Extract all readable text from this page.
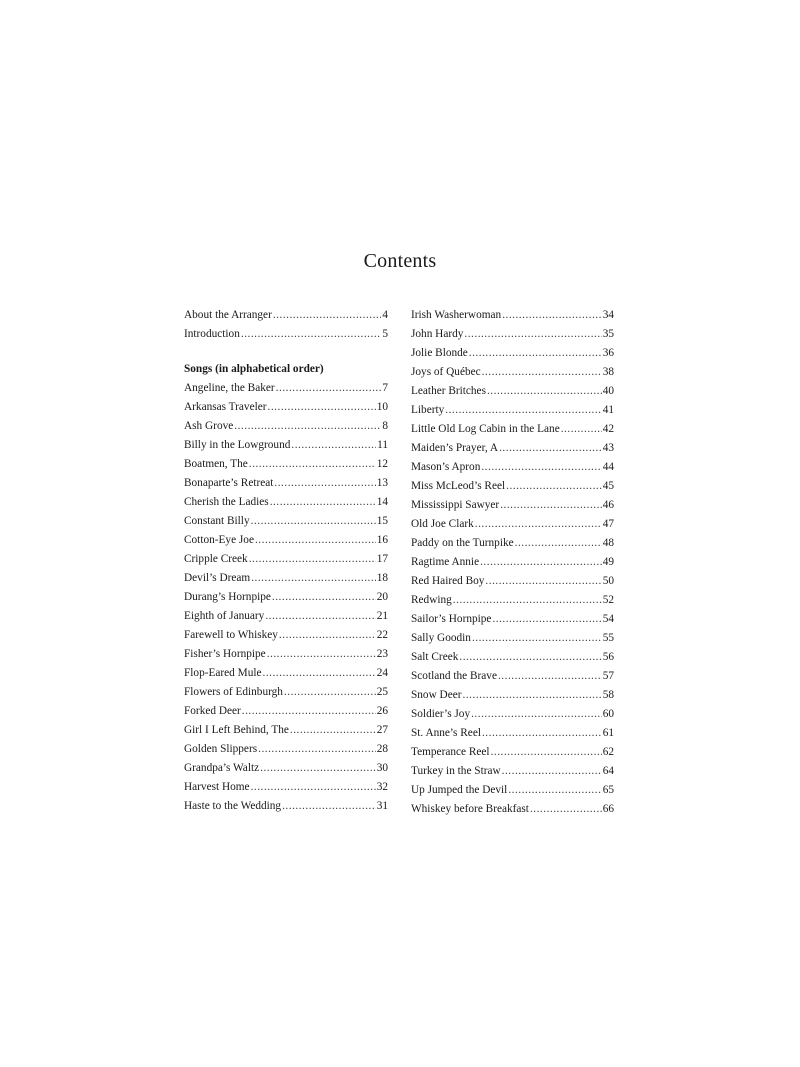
Contents
About the Arranger .....	4
Introduction .....	5
Songs (in alphabetical order)
Angeline, the Baker .....	7
Arkansas Traveler .....	10
Ash Grove .....	8
Billy in the Lowground .....	11
Boatmen, The .....	12
Bonaparte’s Retreat .....	13
Cherish the Ladies .....	14
Constant Billy .....	15
Cotton-Eye Joe .....	16
Cripple Creek .....	17
Devil’s Dream .....	18
Durang’s Hornpipe .....	20
Eighth of January .....	21
Farewell to Whiskey .....	22
Fisher’s Hornpipe .....	23
Flop-Eared Mule .....	24
Flowers of Edinburgh .....	25
Forked Deer .....	26
Girl I Left Behind, The .....	27
Golden Slippers .....	28
Grandpa’s Waltz .....	30
Harvest Home .....	32
Haste to the Wedding .....	31
Irish Washerwoman .....	34
John Hardy .....	35
Jolie Blonde .....	36
Joys of Québec .....	38
Leather Britches .....	40
Liberty .....	41
Little Old Log Cabin in the Lane .....	42
Maiden’s Prayer, A .....	43
Mason’s Apron .....	44
Miss McLeod’s Reel .....	45
Mississippi Sawyer .....	46
Old Joe Clark .....	47
Paddy on the Turnpike .....	48
Ragtime Annie .....	49
Red Haired Boy .....	50
Redwing .....	52
Sailor’s Hornpipe .....	54
Sally Goodin .....	55
Salt Creek .....	56
Scotland the Brave .....	57
Snow Deer .....	58
Soldier’s Joy .....	60
St. Anne’s Reel .....	61
Temperance Reel .....	62
Turkey in the Straw .....	64
Up Jumped the Devil .....	65
Whiskey before Breakfast .....	66
